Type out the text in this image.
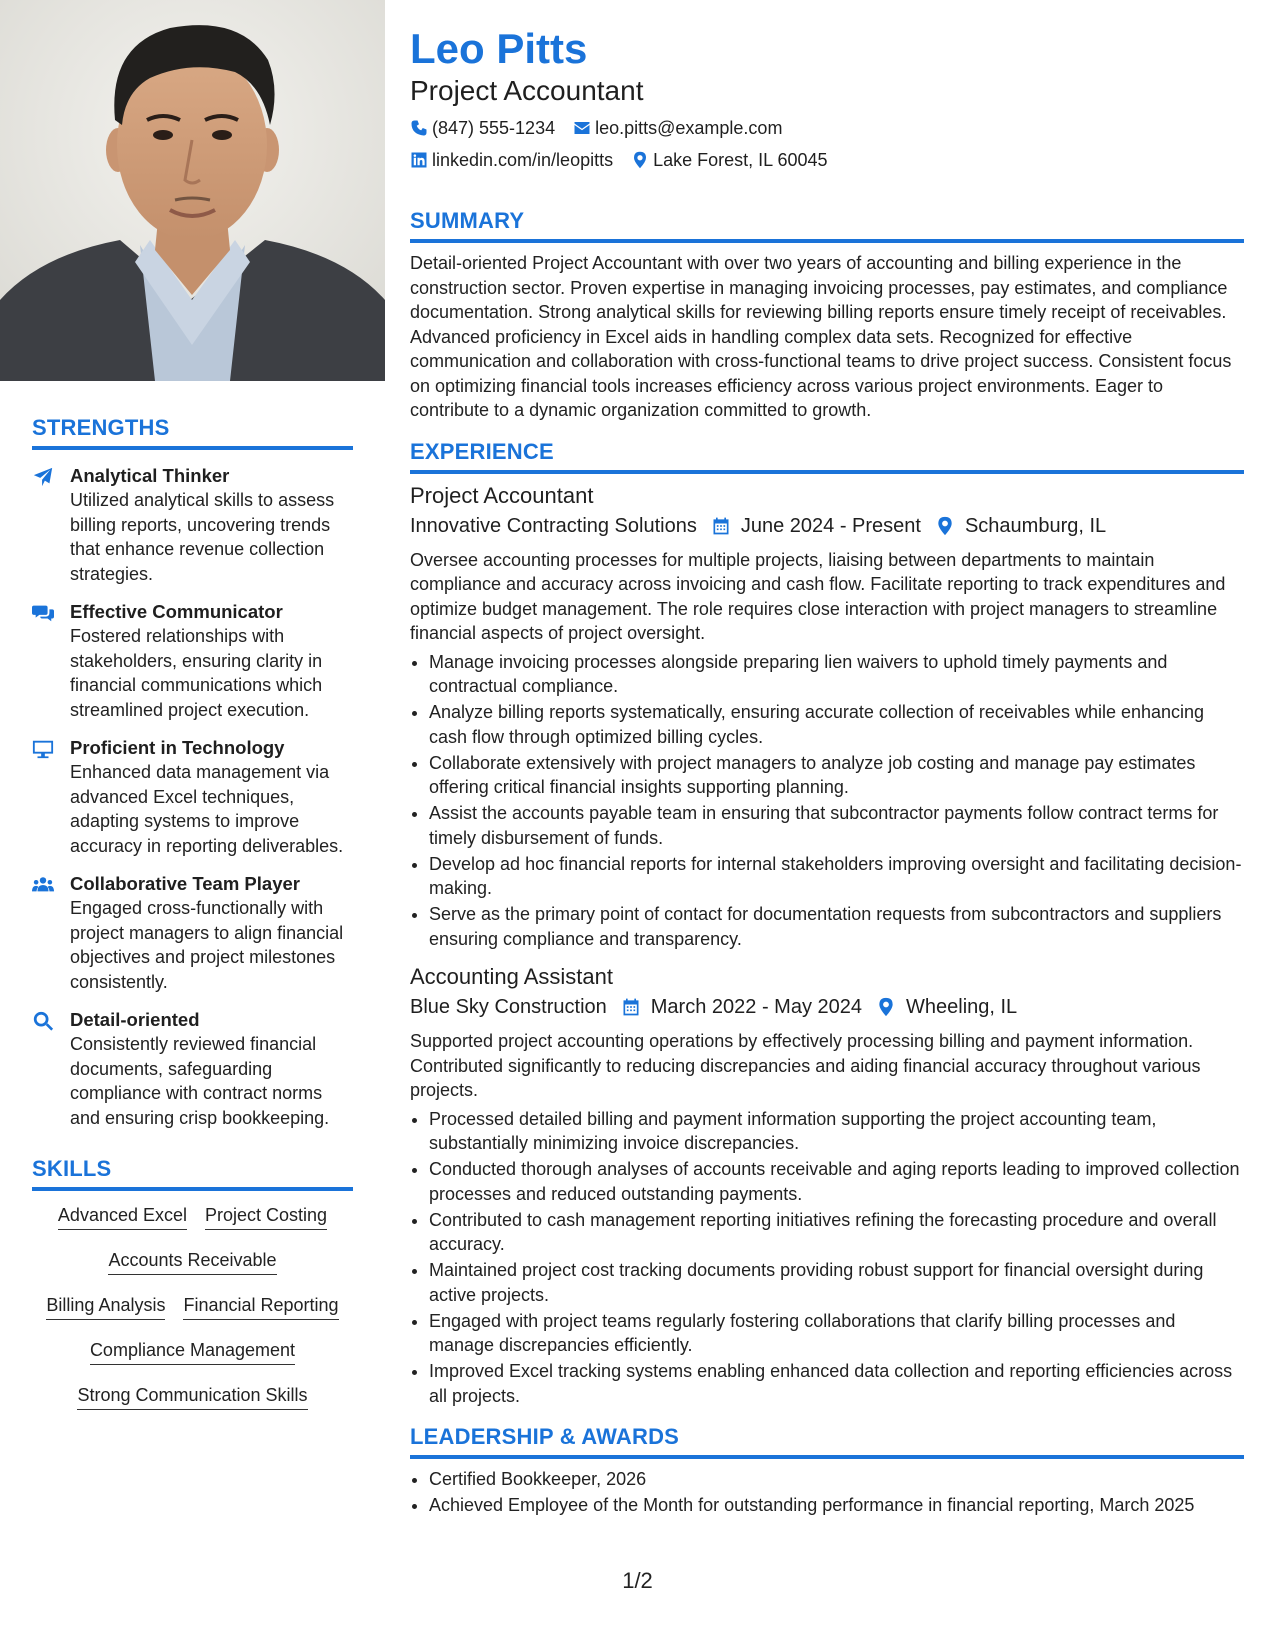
STRENGTHS
Analytical Thinker
Utilized analytical skills to assess billing reports, uncovering trends that enhance revenue collection strategies.
Effective Communicator
Fostered relationships with stakeholders, ensuring clarity in financial communications which streamlined project execution.
Proficient in Technology
Enhanced data management via advanced Excel techniques, adapting systems to improve accuracy in reporting deliverables.
Collaborative Team Player
Engaged cross-functionally with project managers to align financial objectives and project milestones consistently.
Detail-oriented
Consistently reviewed financial documents, safeguarding compliance with contract norms and ensuring crisp bookkeeping.
SKILLS
Advanced Excel Project Costing
Accounts Receivable
Billing Analysis Financial Reporting
Compliance Management
Strong Communication Skills
Leo Pitts
Project Accountant
(847) 555-1234 leo.pitts@example.com
linkedin.com/in/leopitts Lake Forest, IL 60045
SUMMARY
Detail-oriented Project Accountant with over two years of accounting and billing experience in the construction sector. Proven expertise in managing invoicing processes, pay estimates, and compliance documentation. Strong analytical skills for reviewing billing reports ensure timely receipt of receivables. Advanced proficiency in Excel aids in handling complex data sets. Recognized for effective communication and collaboration with cross-functional teams to drive project success. Consistent focus on optimizing financial tools increases efficiency across various project environments. Eager to contribute to a dynamic organization committed to growth.
EXPERIENCE
Project Accountant
Innovative Contracting Solutions June 2024 - Present Schaumburg, IL
Oversee accounting processes for multiple projects, liaising between departments to maintain compliance and accuracy across invoicing and cash flow. Facilitate reporting to track expenditures and optimize budget management. The role requires close interaction with project managers to streamline financial aspects of project oversight.
• Manage invoicing processes alongside preparing lien waivers to uphold timely payments and contractual compliance.
• Analyze billing reports systematically, ensuring accurate collection of receivables while enhancing cash flow through optimized billing cycles.
• Collaborate extensively with project managers to analyze job costing and manage pay estimates offering critical financial insights supporting planning.
• Assist the accounts payable team in ensuring that subcontractor payments follow contract terms for timely disbursement of funds.
• Develop ad hoc financial reports for internal stakeholders improving oversight and facilitating decision-making.
• Serve as the primary point of contact for documentation requests from subcontractors and suppliers ensuring compliance and transparency.
Accounting Assistant
Blue Sky Construction March 2022 - May 2024 Wheeling, IL
Supported project accounting operations by effectively processing billing and payment information. Contributed significantly to reducing discrepancies and aiding financial accuracy throughout various projects.
• Processed detailed billing and payment information supporting the project accounting team, substantially minimizing invoice discrepancies.
• Conducted thorough analyses of accounts receivable and aging reports leading to improved collection processes and reduced outstanding payments.
• Contributed to cash management reporting initiatives refining the forecasting procedure and overall accuracy.
• Maintained project cost tracking documents providing robust support for financial oversight during active projects.
• Engaged with project teams regularly fostering collaborations that clarify billing processes and manage discrepancies efficiently.
• Improved Excel tracking systems enabling enhanced data collection and reporting efficiencies across all projects.
LEADERSHIP & AWARDS
• Certified Bookkeeper, 2026
• Achieved Employee of the Month for outstanding performance in financial reporting, March 2025
1/2
